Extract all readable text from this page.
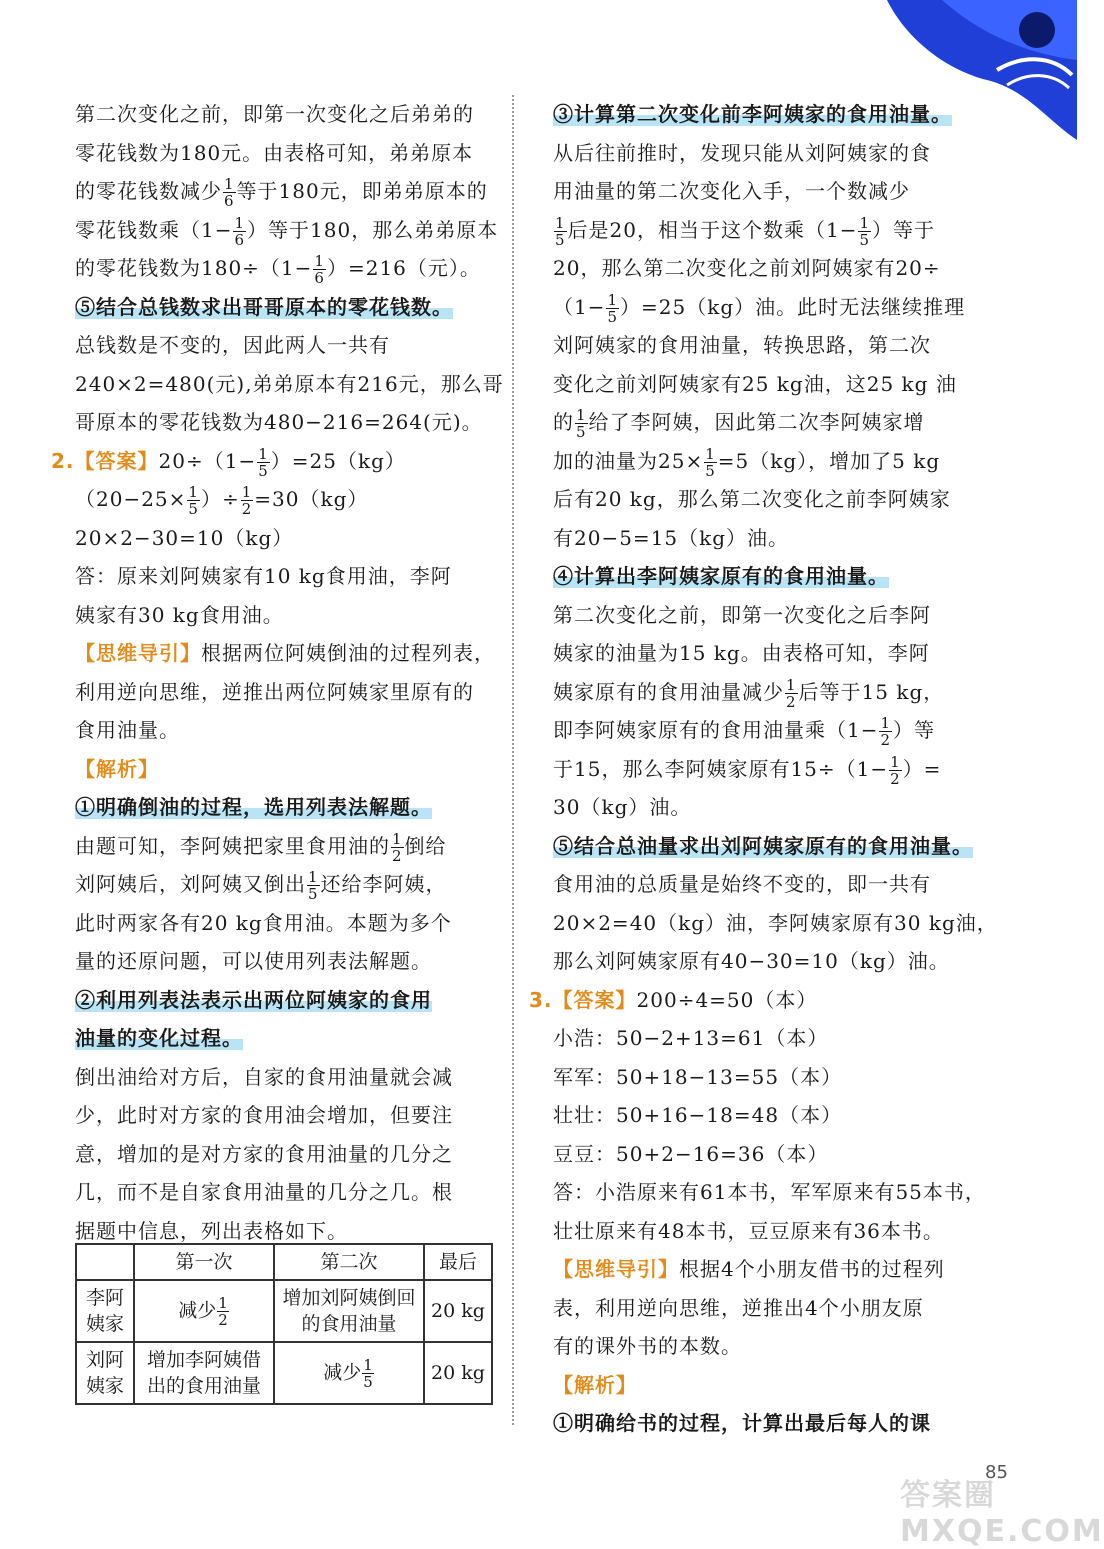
第二次变化之前，即第一次变化之后弟弟的
零花钱数为180元。由表格可知，弟弟原本
的零花钱数减少 $\frac{1}{6}$ 等于180元，即弟弟原本的
零花钱数乘（$1- \frac{1}{6}$ ）等于180，那么弟弟原本
的零花钱数为$180\div(1- \frac{1}{6} )=216$（元）。
⑤结合总钱数求出哥哥原本的零花钱数。
总钱数是不变的，因此两人一共有
240×2=480(元),弟弟原本有216元，那么哥
哥原本的零花钱数为480−216=264(元)。
2.【答案】$20\div(1- \frac{1}{5} )=25(kg)$
（$20-25\times \frac{1}{5}$ ）÷ $\frac{1}{2} =30(kg)$
20×2−30=10（kg）
答：原来刘阿姨家有10 kg食用油，李阿
姨家有30 kg食用油。
【思维导引】根据两位阿姨倒油的过程列表，
利用逆向思维，逆推出两位阿姨家里原有的
食用油量。
【解析】
①明确倒油的过程，选用列表法解题。
由题可知，李阿姨把家里食用油的 $\frac{1}{2}$ 倒给
刘阿姨后，刘阿姨又倒出 $\frac{1}{5}$ 还给李阿姨，
此时两家各有20 kg食用油。本题为多个
量的还原问题，可以使用列表法解题。
②利用列表法表示出两位阿姨家的食用
油量的变化过程。
倒出油给对方后，自家的食用油量就会减
少，此时对方家的食用油会增加，但要注
意，增加的是对方家的食用油量的几分之
几，而不是自家食用油量的几分之几。根
据题中信息，列出表格如下。
	第一次	第二次	最后
李阿姨家	减少 $\frac{1}{2}$	增加刘阿姨倒回的食用油量	20 kg
刘阿姨家	增加李阿姨借出的食用油量	减少 $\frac{1}{5}$	20 kg
③计算第二次变化前李阿姨家的食用油量。
从后往前推时，发现只能从刘阿姨家的食
用油量的第二次变化入手，一个数减少
$\frac{1}{5}$ 后是20，相当于这个数乘（$1- \frac{1}{5}$ ）等于
20，那么第二次变化之前刘阿姨家有20÷
$(1- \frac{1}{5} )=25(kg)$油。此时无法继续推理
刘阿姨家的食用油量，转换思路，第二次
变化之前刘阿姨家有25 kg油，这25 kg 油
的 $\frac{1}{5}$ 给了李阿姨，因此第二次李阿姨家增
加的油量为$25\times \frac{1}{5} =5(kg)$，增加了5 kg
后有20 kg，那么第二次变化之前李阿姨家
有20−5=15（kg）油。
④计算出李阿姨家原有的食用油量。
第二次变化之前，即第一次变化之后李阿
姨家的油量为15 kg。由表格可知，李阿
姨家原有的食用油量减少 $\frac{1}{2}$ 后等于15 kg，
即李阿姨家原有的食用油量乘（$1- \frac{1}{2}$ ）等
于15，那么李阿姨家原有$15\div(1- \frac{1}{2}$ ）=
30（kg）油。
⑤结合总油量求出刘阿姨家原有的食用油量。
食用油的总质量是始终不变的，即一共有
20×2=40（kg）油，李阿姨家原有30 kg油，
那么刘阿姨家原有40−30=10（kg）油。
3.【答案】200÷4=50（本）
小浩：50−2+13=61（本）
军军：50+18−13=55（本）
壮壮：50+16−18=48（本）
豆豆：50+2−16=36（本）
答：小浩原来有61本书，军军原来有55本书，
壮壮原来有48本书，豆豆原来有36本书。
【思维导引】根据4个小朋友借书的过程列
表，利用逆向思维，逆推出4个小朋友原
有的课外书的本数。
【解析】
①明确给书的过程，计算出最后每人的课
答案圈 MXQE.COM
85
